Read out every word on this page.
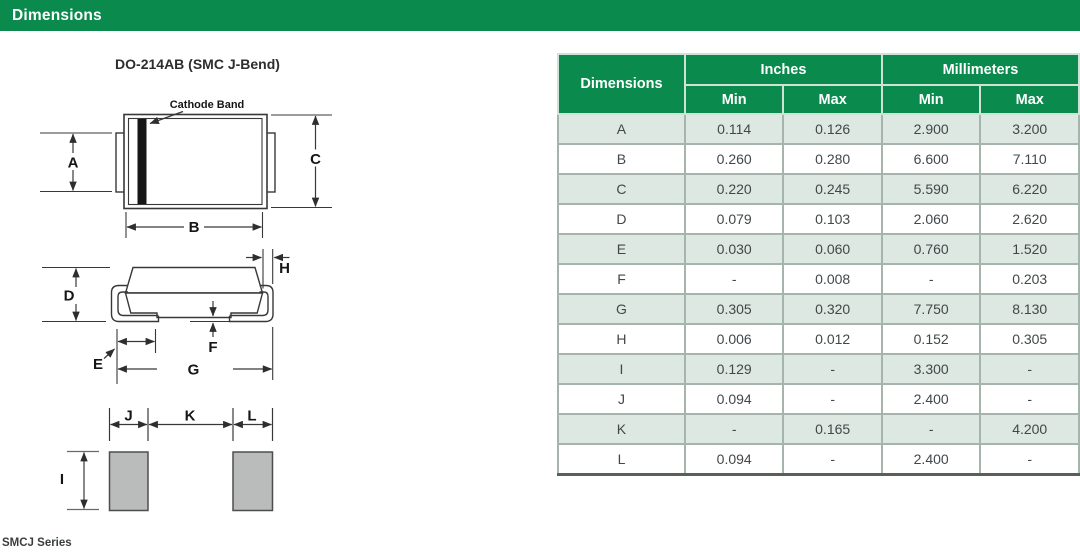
Dimensions
DO-214AB (SMC J-Bend)
Cathode Band
A
B
C
D
E
F
G
H
I
J	K	L
Dimensions	Inches		Millimeters	
	Min	Max	Min	Max
A	0.114	0.126	2.900	3.200
B	0.260	0.280	6.600	7.110
C	0.220	0.245	5.590	6.220
D	0.079	0.103	2.060	2.620
E	0.030	0.060	0.760	1.520
F	-	0.008	-	0.203
G	0.305	0.320	7.750	8.130
H	0.006	0.012	0.152	0.305
I	0.129	-	3.300	-
J	0.094	-	2.400	-
K	-	0.165	-	4.200
L	0.094	-	2.400	-
SMCJ Series
